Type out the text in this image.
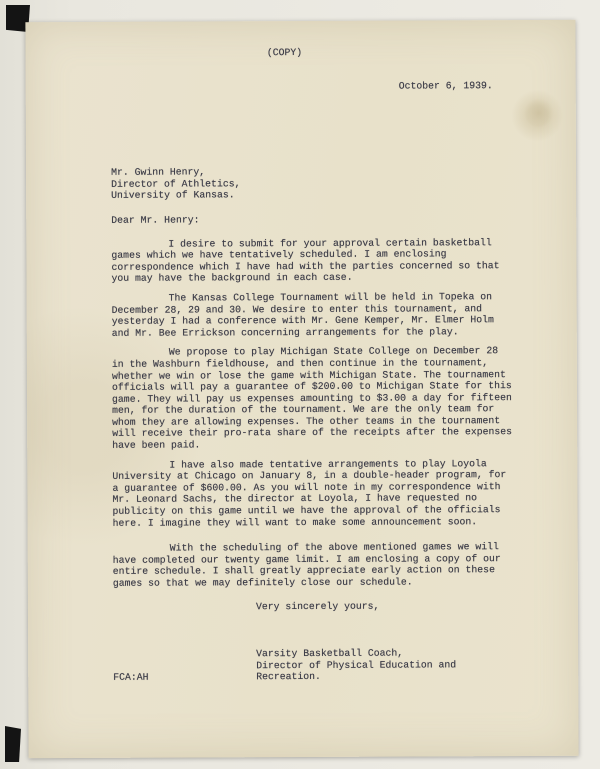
(COPY)
October 6, 1939.
Mr. Gwinn Henry,
Director of Athletics,
University of Kansas.
Dear Mr. Henry:

I desire to submit for your approval certain basketball games which we have tentatively scheduled. I am enclosing correspondence which I have had with the parties concerned so that you may have the background in each case.

The Kansas College Tournament will be held in Topeka on December 28, 29 and 30. We desire to enter this tournament, and yesterday I had a conference with Mr. Gene Kemper, Mr. Elmer Holm and Mr. Bee Errickson concerning arrangements for the play.

We propose to play Michigan State College on December 28 in the Washburn fieldhouse, and then continue in the tournament, whether we win or lose the game with Michigan State. The tournament officials will pay a guarantee of $200.00 to Michigan State for this game. They will pay us expenses amounting to $3.00 a day for fifteen men, for the duration of the tournament. We are the only team for whom they are allowing expenses. The other teams in the tournament will receive their pro-rata share of the receipts after the expenses have been paid.

I have also made tentative arrangements to play Loyola University at Chicago on January 8, in a double-header program, for a guarantee of $600.00. As you will note in my correspondence with Mr. Leonard Sachs, the director at Loyola, I have requested no publicity on this game until we have the approval of the officials here. I imagine they will want to make some announcement soon.

With the scheduling of the above mentioned games we will have completed our twenty game limit. I am enclosing a copy of our entire schedule. I shall greatly appreciate early action on these games so that we may definitely close our schedule.

Very sincerely yours,
FCA:AH
Varsity Basketball Coach,
Director of Physical Education and Recreation.
